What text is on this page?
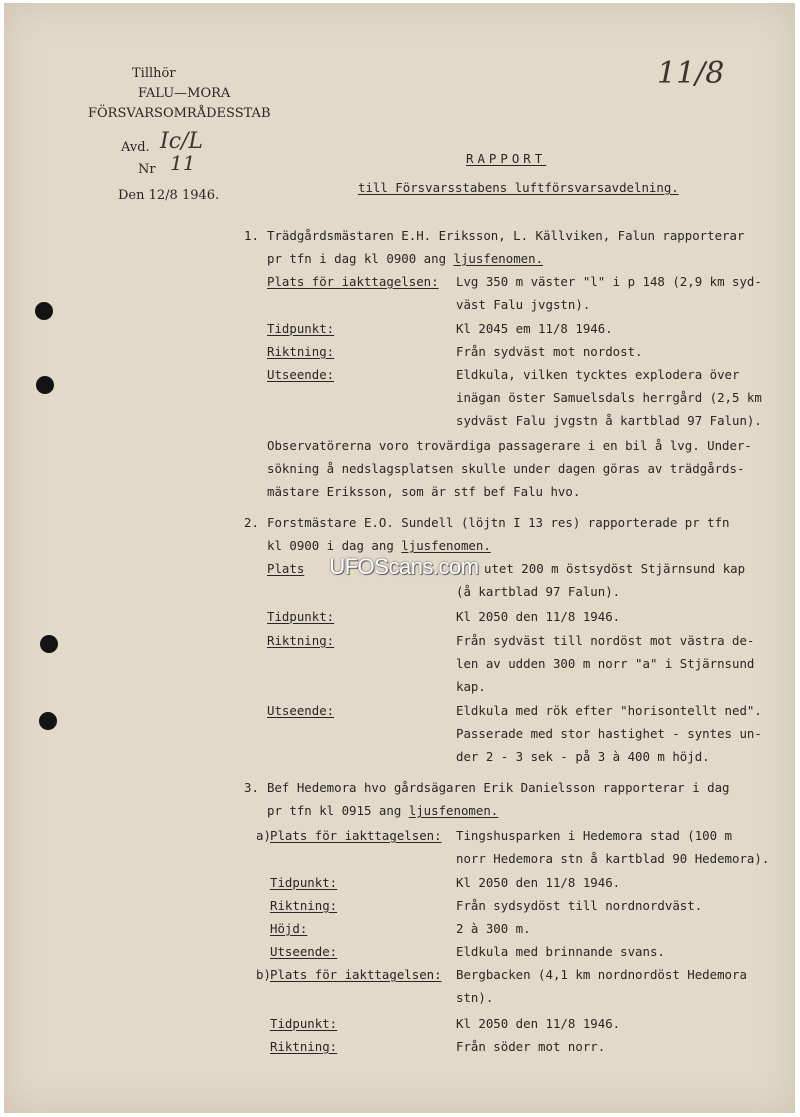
Tillhör
FALU—MORA
FÖRSVARSOMRÅDESSTAB
Avd. Ic/L
Nr 11
Den 12/8 1946.
11/8
RAPPORT
till Försvarsstabens luftförsvarsavdelning.
1. Trädgårdsmästaren E.H. Eriksson, L. Källviken, Falun rapporterar
pr tfn i dag kl 0900 ang ljusfenomen.
Plats för iakttagelsen: Lvg 350 m väster "l" i p 148 (2,9 km syd-
väst Falu jvgstn).
Tidpunkt:	Kl 2045 em 11/8 1946.
Riktning:	Från sydväst mot nordost.
Utseende:	Eldkula, vilken tycktes explodera över
inägan öster Samuelsdals herrgård (2,5 km
sydväst Falu jvgstn å kartblad 97 Falun).
Observatörerna voro trovärdiga passagerare i en bil å lvg. Under-
sökning å nedslagsplatsen skulle under dagen göras av trädgårds-
mästare Eriksson, som är stf bef Falu hvo.
2. Forstmästare E.O. Sundell (löjtn I 13 res) rapporterade pr tfn
kl 0900 i dag ang ljusfenomen.
Plats	UFOScans.com utet 200 m östsydöst Stjärnsund kap
(å kartblad 97 Falun).
Tidpunkt:	Kl 2050 den 11/8 1946.
Riktning:	Från sydväst till nordöst mot västra de-
len av udden 300 m norr "a" i Stjärnsund
kap.
Utseende:	Eldkula med rök efter "horisontellt ned".
Passerade med stor hastighet - syntes un-
der 2 - 3 sek - på 3 à 400 m höjd.
3. Bef Hedemora hvo gårdsägaren Erik Danielsson rapporterar i dag
pr tfn kl 0915 ang ljusfenomen.
a) Plats för iakttagelsen: Tingshusparken i Hedemora stad (100 m
norr Hedemora stn å kartblad 90 Hedemora).
Tidpunkt:	Kl 2050 den 11/8 1946.
Riktning:	Från sydsydöst till nordnordväst.
Höjd:	2 à 300 m.
Utseende:	Eldkula med brinnande svans.
b) Plats för iakttagelsen: Bergbacken (4,1 km nordnordöst Hedemora
stn).
Tidpunkt:	Kl 2050 den 11/8 1946.
Riktning:	Från söder mot norr.
